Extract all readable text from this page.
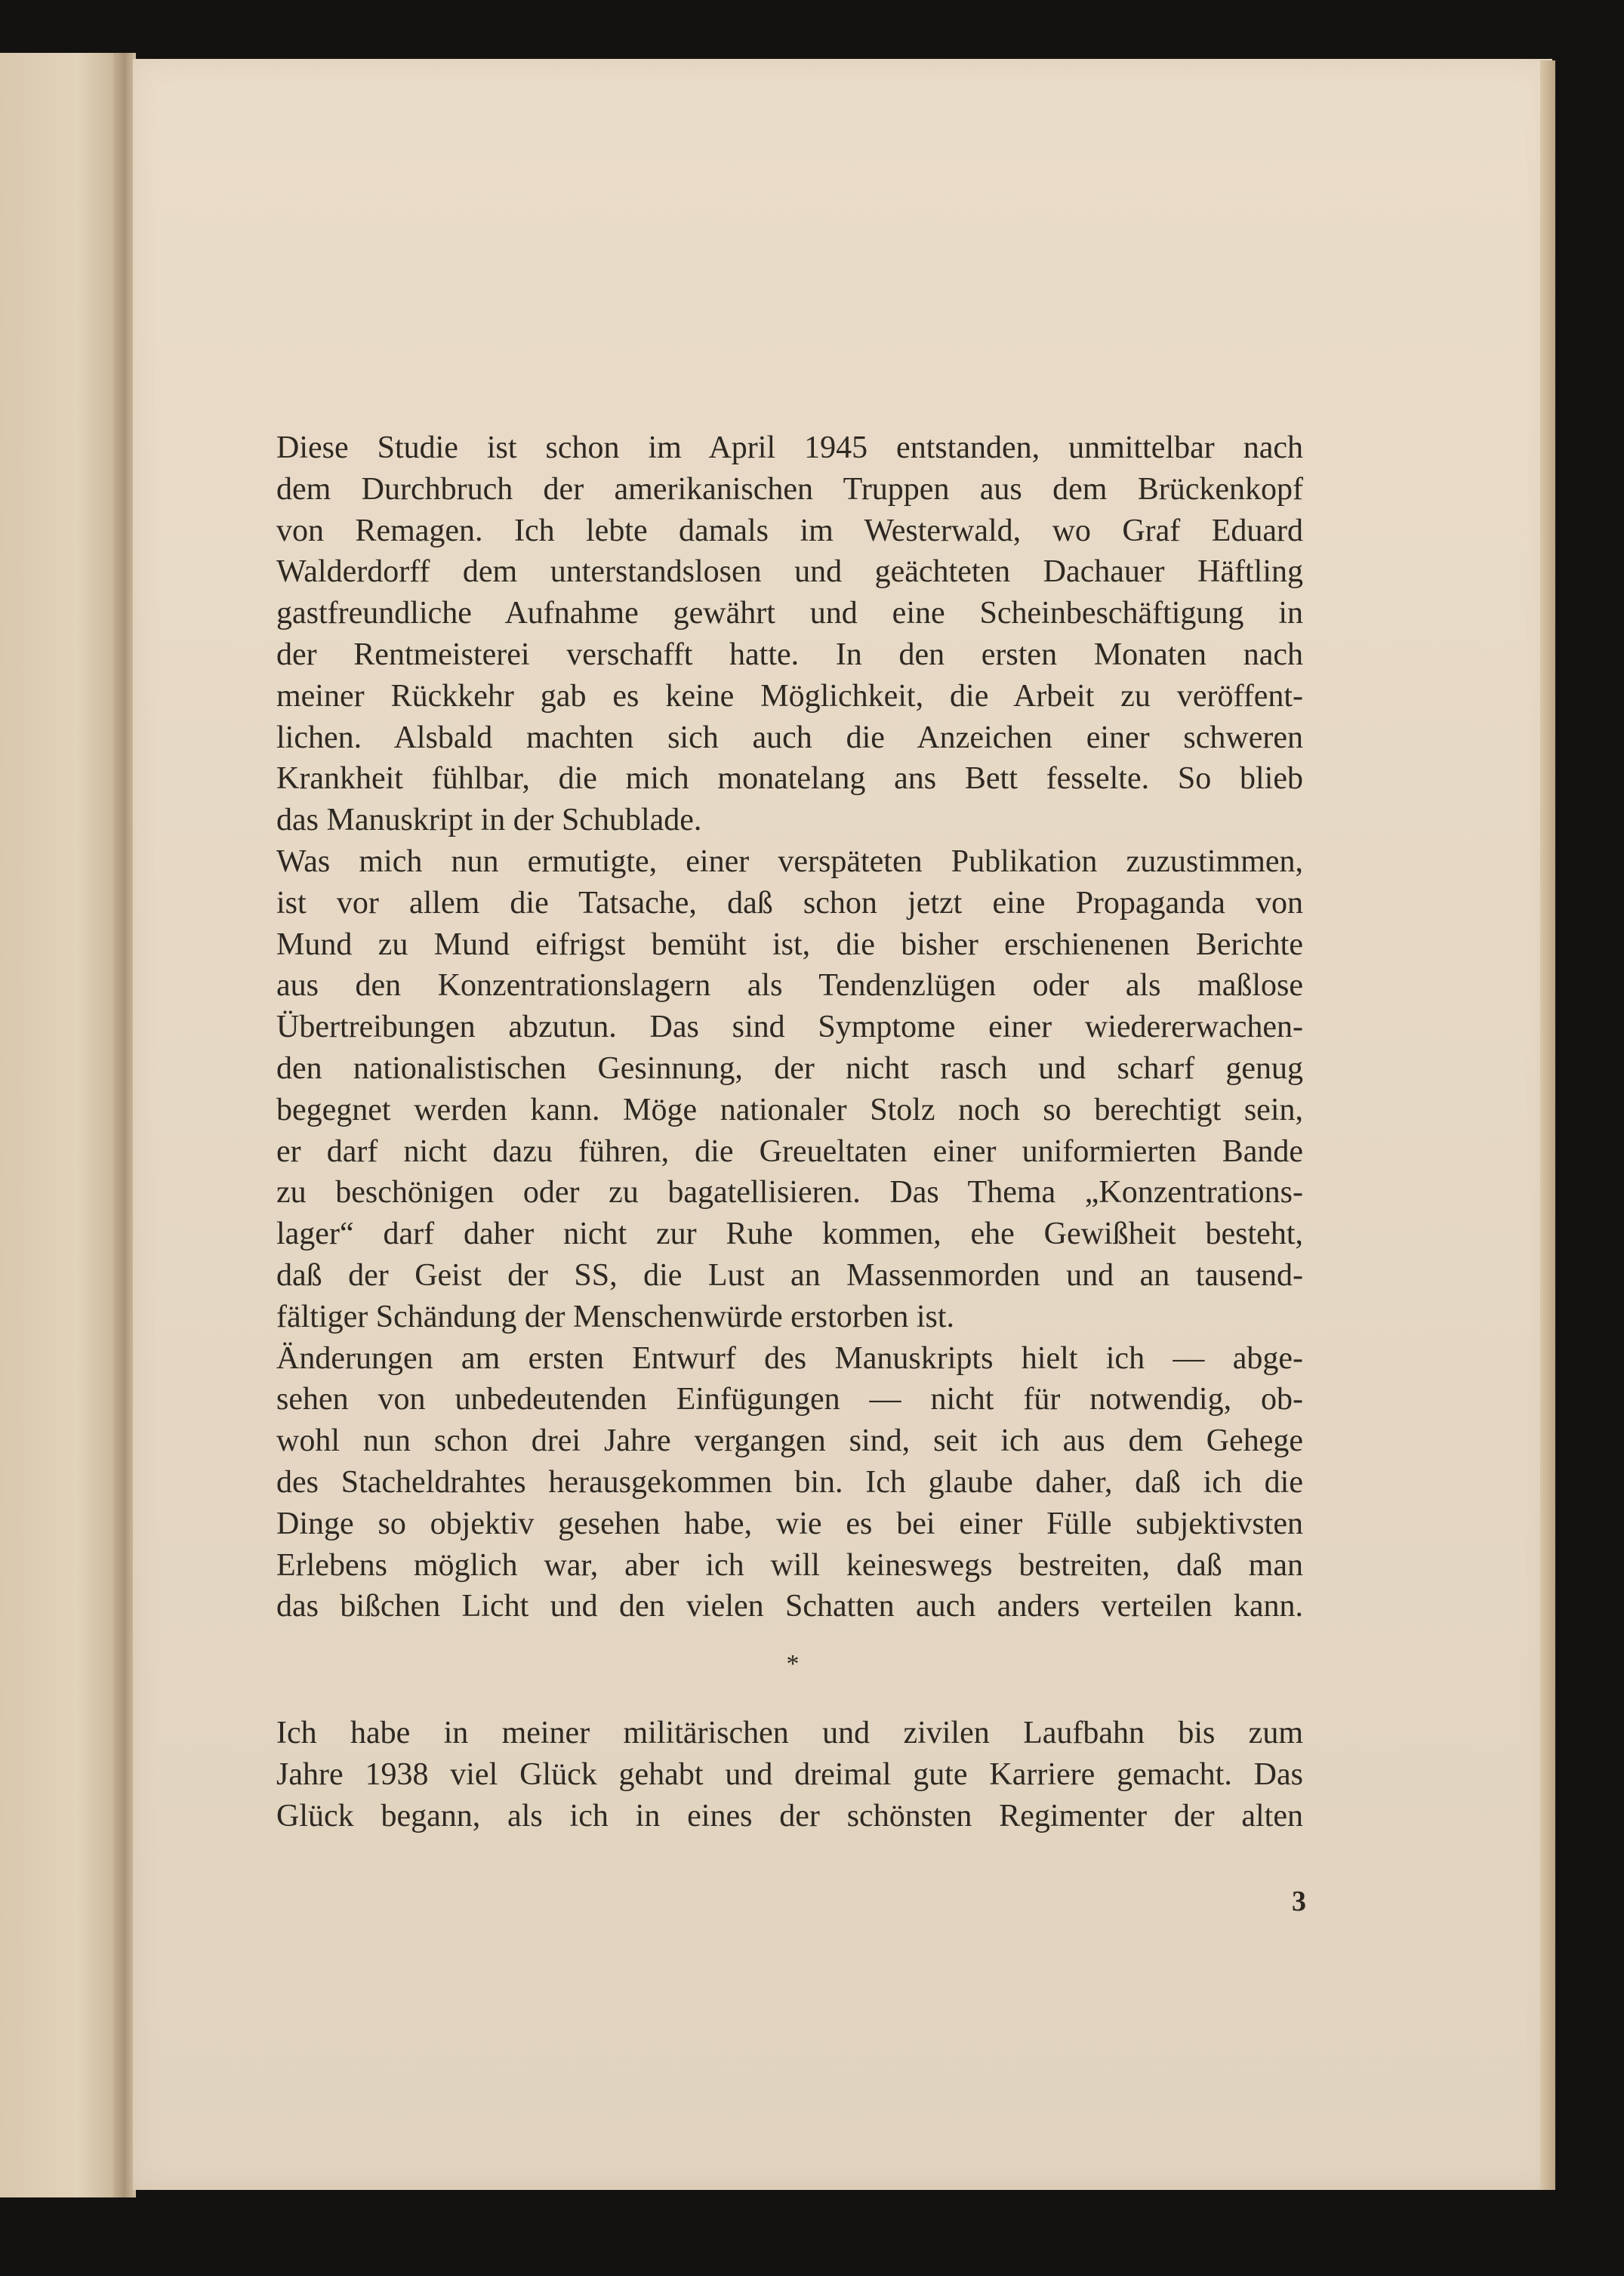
Diese Studie ist schon im April 1945 entstanden, unmittelbar nach
dem Durchbruch der amerikanischen Truppen aus dem Brückenkopf
von Remagen. Ich lebte damals im Westerwald, wo Graf Eduard
Walderdorff dem unterstandslosen und geächteten Dachauer Häftling
gastfreundliche Aufnahme gewährt und eine Scheinbeschäftigung in
der Rentmeisterei verschafft hatte. In den ersten Monaten nach
meiner Rückkehr gab es keine Möglichkeit, die Arbeit zu veröffent-
lichen. Alsbald machten sich auch die Anzeichen einer schweren
Krankheit fühlbar, die mich monatelang ans Bett fesselte. So blieb
das Manuskript in der Schublade.
Was mich nun ermutigte, einer verspäteten Publikation zuzustimmen,
ist vor allem die Tatsache, daß schon jetzt eine Propaganda von
Mund zu Mund eifrigst bemüht ist, die bisher erschienenen Berichte
aus den Konzentrationslagern als Tendenzlügen oder als maßlose
Übertreibungen abzutun. Das sind Symptome einer wiedererwachen-
den nationalistischen Gesinnung, der nicht rasch und scharf genug
begegnet werden kann. Möge nationaler Stolz noch so berechtigt sein,
er darf nicht dazu führen, die Greueltaten einer uniformierten Bande
zu beschönigen oder zu bagatellisieren. Das Thema „Konzentrations-
lager“ darf daher nicht zur Ruhe kommen, ehe Gewißheit besteht,
daß der Geist der SS, die Lust an Massenmorden und an tausend-
fältiger Schändung der Menschenwürde erstorben ist.
Änderungen am ersten Entwurf des Manuskripts hielt ich — abge-
sehen von unbedeutenden Einfügungen — nicht für notwendig, ob-
wohl nun schon drei Jahre vergangen sind, seit ich aus dem Gehege
des Stacheldrahtes herausgekommen bin. Ich glaube daher, daß ich die
Dinge so objektiv gesehen habe, wie es bei einer Fülle subjektivsten
Erlebens möglich war, aber ich will keineswegs bestreiten, daß man
das bißchen Licht und den vielen Schatten auch anders verteilen kann.
*
Ich habe in meiner militärischen und zivilen Laufbahn bis zum
Jahre 1938 viel Glück gehabt und dreimal gute Karriere gemacht. Das
Glück begann, als ich in eines der schönsten Regimenter der alten
3
